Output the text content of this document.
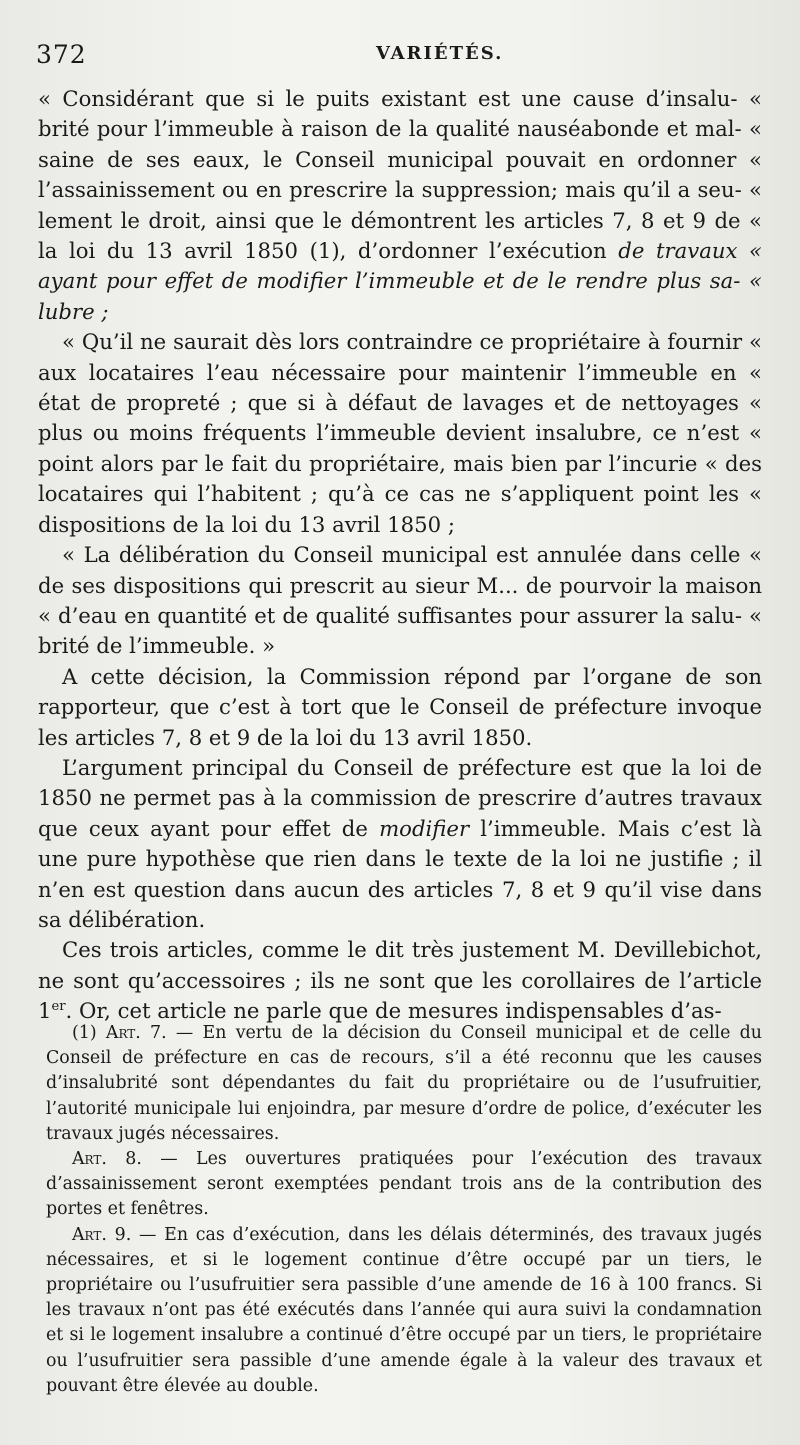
372	VARIÉTÉS.

« Considérant que si le puits existant est une cause d’insalu- « brité pour l’immeuble à raison de la qualité nauséabonde et mal- « saine de ses eaux, le Conseil municipal pouvait en ordonner « l’assainissement ou en prescrire la suppression; mais qu’il a seu- « lement le droit, ainsi que le démontrent les articles 7, 8 et 9 de « la loi du 13 avril 1850 (1), d’ordonner l’exécution de travaux « ayant pour effet de modifier l’immeuble et de le rendre plus sa- « lubre ;

« Qu’il ne saurait dès lors contraindre ce propriétaire à fournir « aux locataires l’eau nécessaire pour maintenir l’immeuble en « état de propreté ; que si à défaut de lavages et de nettoyages « plus ou moins fréquents l’immeuble devient insalubre, ce n’est « point alors par le fait du propriétaire, mais bien par l’incurie « des locataires qui l’habitent ; qu’à ce cas ne s’appliquent point les « dispositions de la loi du 13 avril 1850 ;

« La délibération du Conseil municipal est annulée dans celle « de ses dispositions qui prescrit au sieur M... de pourvoir la maison « d’eau en quantité et de qualité suffisantes pour assurer la salu- « brité de l’immeuble. »

A cette décision, la Commission répond par l’organe de son rapporteur, que c’est à tort que le Conseil de préfecture invoque les articles 7, 8 et 9 de la loi du 13 avril 1850.

L’argument principal du Conseil de préfecture est que la loi de 1850 ne permet pas à la commission de prescrire d’autres travaux que ceux ayant pour effet de modifier l’immeuble. Mais c’est là une pure hypothèse que rien dans le texte de la loi ne justifie ; il n’en est question dans aucun des articles 7, 8 et 9 qu’il vise dans sa délibération.

Ces trois articles, comme le dit très justement M. Devillebichot, ne sont qu’accessoires ; ils ne sont que les corollaires de l’article 1er. Or, cet article ne parle que de mesures indispensables d’as-

(1) Art. 7. — En vertu de la décision du Conseil municipal et de celle du Conseil de préfecture en cas de recours, s’il a été reconnu que les causes d’insalubrité sont dépendantes du fait du propriétaire ou de l’usufruitier, l’autorité municipale lui enjoindra, par mesure d’ordre de police, d’exécuter les travaux jugés nécessaires.

Art. 8. — Les ouvertures pratiquées pour l’exécution des travaux d’assainissement seront exemptées pendant trois ans de la contribution des portes et fenêtres.

Art. 9. — En cas d’exécution, dans les délais déterminés, des travaux jugés nécessaires, et si le logement continue d’être occupé par un tiers, le propriétaire ou l’usufruitier sera passible d’une amende de 16 à 100 francs. Si les travaux n’ont pas été exécutés dans l’année qui aura suivi la condamnation et si le logement insalubre a continué d’être occupé par un tiers, le propriétaire ou l’usufruitier sera passible d’une amende égale à la valeur des travaux et pouvant être élevée au double.
